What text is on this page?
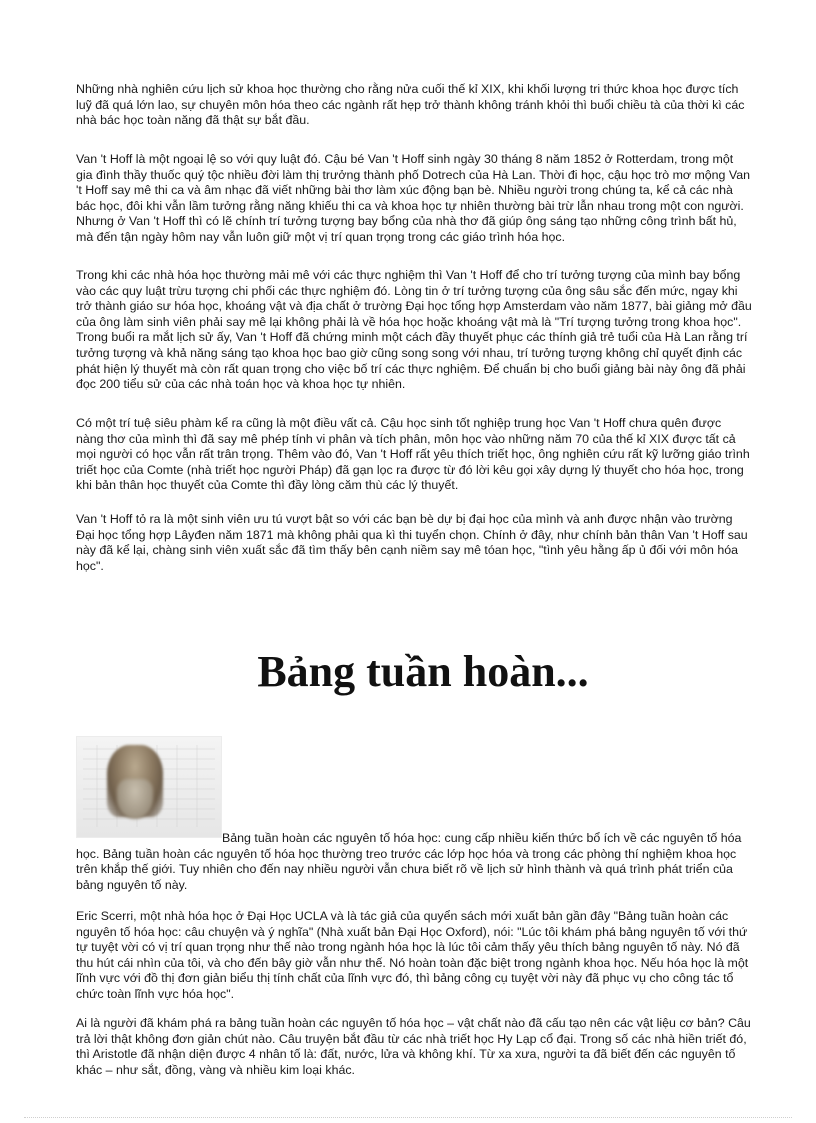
Những nhà nghiên cứu lịch sử khoa học thường cho rằng nửa cuối thế kỉ XIX, khi khối lượng tri thức khoa học được tích luỹ đã quá lớn lao, sự chuyên môn hóa theo các ngành rất hẹp trở thành không tránh khỏi thì buổi chiều tà của thời kì các nhà bác học toàn năng đã thật sự bắt đầu.

Van 't Hoff là một ngoại lệ so với quy luật đó. Cậu bé Van 't Hoff sinh ngày 30 tháng 8 năm 1852 ở Rotterdam, trong một gia đình thầy thuốc quý tộc nhiều đời làm thị trưởng thành phố Dotrech của Hà Lan. Thời đi học, cậu học trò mơ mộng Van 't Hoff say mê thi ca và âm nhạc đã viết những bài thơ làm xúc động bạn bè. Nhiều người trong chúng ta, kể cả các nhà bác học, đôi khi vẫn lầm tưởng rằng năng khiếu thi ca và khoa học tự nhiên thường bài trừ lẫn nhau trong một con người. Nhưng ở Van 't Hoff thì có lẽ chính trí tưởng tượng bay bổng của nhà thơ đã giúp ông sáng tạo những công trình bất hủ, mà đến tận ngày hôm nay vẫn luôn giữ một vị trí quan trọng trong các giáo trình hóa học.

Trong khi các nhà hóa học thường mải mê với các thực nghiệm thì Van 't Hoff để cho trí tưởng tượng của mình bay bổng vào các quy luật trừu tượng chi phối các thực nghiệm đó. Lòng tin ở trí tưởng tượng của ông sâu sắc đến mức, ngay khi trở thành giáo sư hóa học, khoáng vật và địa chất ở trường Đại học tổng hợp Amsterdam vào năm 1877, bài giảng mở đầu của ông làm sinh viên phải say mê lại không phải là về hóa học hoặc khoáng vật mà là "Trí tượng tưởng trong khoa học". Trong buổi ra mắt lịch sử ấy, Van 't Hoff đã chứng minh một cách đầy thuyết phục các thính giả trẻ tuổi của Hà Lan rằng trí tưởng tượng và khả năng sáng tạo khoa học bao giờ cũng song song với nhau, trí tưởng tượng không chỉ quyết định các phát hiện lý thuyết mà còn rất quan trọng cho việc bố trí các thực nghiệm. Để chuẩn bị cho buổi giảng bài này ông đã phải đọc 200 tiểu sử của các nhà toán học và khoa học tự nhiên.

Có một trí tuệ siêu phàm kể ra cũng là một điều vất cả. Cậu học sinh tốt nghiệp trung học Van 't Hoff chưa quên được nàng thơ của mình thì đã say mê phép tính vi phân và tích phân, môn học vào những năm 70 của thế kỉ XIX được tất cả mọi người có học vẫn rất trân trọng. Thêm vào đó, Van 't Hoff rất yêu thích triết học, ông nghiên cứu rất kỹ lưỡng giáo trình triết học của Comte (nhà triết học người Pháp) đã gạn lọc ra được từ đó lời kêu gọi xây dựng lý thuyết cho hóa học, trong khi bản thân học thuyết của Comte thì đầy lòng căm thù các lý thuyết.

Van 't Hoff tỏ ra là một sinh viên ưu tú vượt bật so với các bạn bè dự bị đại học của mình và anh được nhận vào trường Đại học tổng hợp Lâyđen năm 1871 mà không phải qua kì thi tuyển chọn. Chính ở đây, như chính bản thân Van 't Hoff sau này đã kể lại, chàng sinh viên xuất sắc đã tìm thấy bên cạnh niềm say mê tóan học, "tình yêu hằng ấp ủ đối với môn hóa học".

Bảng tuần hoàn...

Bảng tuần hoàn các nguyên tố hóa học: cung cấp nhiều kiến thức bổ ích về các nguyên tố hóa học. Bảng tuần hoàn các nguyên tố hóa học thường treo trước các lớp học hóa và trong các phòng thí nghiệm khoa học trên khắp thế giới. Tuy nhiên cho đến nay nhiều người vẫn chưa biết rõ về lịch sử hình thành và quá trình phát triển của bảng nguyên tố này.

Eric Scerri, một nhà hóa học ở Đại Học UCLA và là tác giả của quyển sách mới xuất bản gần đây "Bảng tuần hoàn các nguyên tố hóa học: câu chuyện và ý nghĩa" (Nhà xuất bản Đại Học Oxford), nói: "Lúc tôi khám phá bảng nguyên tố với thứ tự tuyệt vời có vị trí quan trọng như thế nào trong ngành hóa học là lúc tôi cảm thấy yêu thích bảng nguyên tố này. Nó đã thu hút cái nhìn của tôi, và cho đến bây giờ vẫn như thế. Nó hoàn toàn đặc biệt trong ngành khoa học. Nếu hóa học là một lĩnh vực với đồ thị đơn giản biểu thị tính chất của lĩnh vực đó, thì bảng công cụ tuyệt vời này đã phục vụ cho công tác tổ chức toàn lĩnh vực hóa học".

Ai là người đã khám phá ra bảng tuần hoàn các nguyên tố hóa học – vật chất nào đã cấu tạo nên các vật liệu cơ bản? Câu trả lời thật không đơn giản chút nào. Câu truyện bắt đầu từ các nhà triết học Hy Lạp cổ đại. Trong số các nhà hiền triết đó, thì Aristotle đã nhận diện được 4 nhân tố là: đất, nước, lửa và không khí. Từ xa xưa, người ta đã biết đến các nguyên tố khác – như sắt, đồng, vàng và nhiều kim loại khác.
